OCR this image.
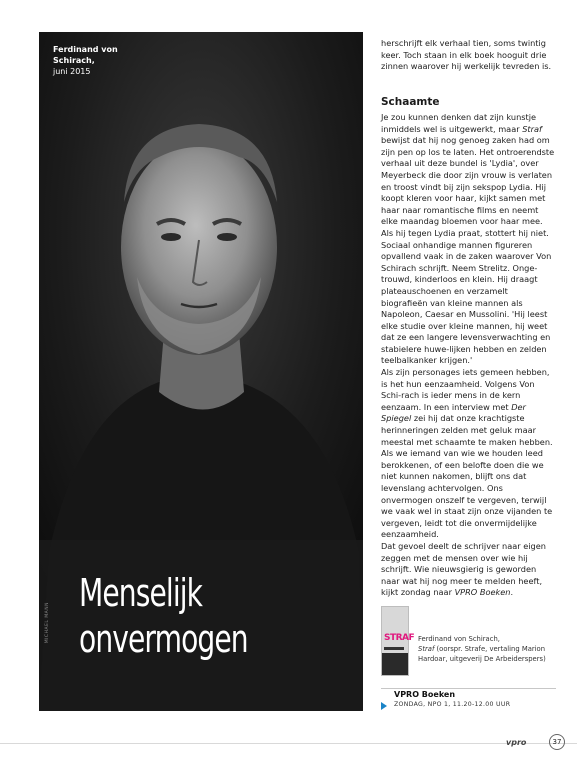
Ferdinand von Schirach,
juni 2015
MICHAEL MANN
Menselijk
onvermogen

herschrijft elk verhaal tien, soms twintig keer. Toch staan in elk boek hooguit drie zinnen waarover hij werkelijk tevreden is.

Schaamte

Je zou kunnen denken dat zijn kunstje inmiddels wel is uitgewerkt, maar Straf bewijst dat hij nog genoeg zaken had om zijn pen op los te laten. Het ontroerendste verhaal uit deze bundel is 'Lydia', over Meyerbeck die door zijn vrouw is verlaten en troost vindt bij zijn sekspop Lydia. Hij koopt kleren voor haar, kijkt samen met haar naar romantische films en neemt elke maandag bloemen voor haar mee. Als hij tegen Lydia praat, stottert hij niet.

Sociaal onhandige mannen figureren opvallend vaak in de zaken waarover Von Schirach schrijft. Neem Strelitz. Onge-trouwd, kinderloos en klein. Hij draagt plateauschoenen en verzamelt biografieën van kleine mannen als Napoleon, Caesar en Mussolini. 'Hij leest elke studie over kleine mannen, hij weet dat ze een langere levensverwachting en stabielere huwe-lijken hebben en zelden teelbalkanker krijgen.'

Als zijn personages iets gemeen hebben, is het hun eenzaamheid. Volgens Von Schi-rach is ieder mens in de kern eenzaam. In een interview met Der Spiegel zei hij dat onze krachtigste herinneringen zelden met geluk maar meestal met schaamte te maken hebben. Als we iemand van wie we houden leed berokkenen, of een belofte doen die we niet kunnen nakomen, blijft ons dat levenslang achtervolgen. Ons onvermogen onszelf te vergeven, terwijl we vaak wel in staat zijn onze vijanden te vergeven, leidt tot die onvermijdelijke eenzaamheid.

Dat gevoel deelt de schrijver naar eigen zeggen met de mensen over wie hij schrijft. Wie nieuwsgierig is geworden naar wat hij nog meer te melden heeft, kijkt zondag naar VPRO Boeken.

STRAF Ferdinand von Schirach,
Straf (oorspr. Strafe, vertaling Marion Hardoar, uitgeverij De Arbeiderspers)
VPRO Boeken
ZONDAG, NPO 1, 11.20-12.00 UUR
vpro	37
